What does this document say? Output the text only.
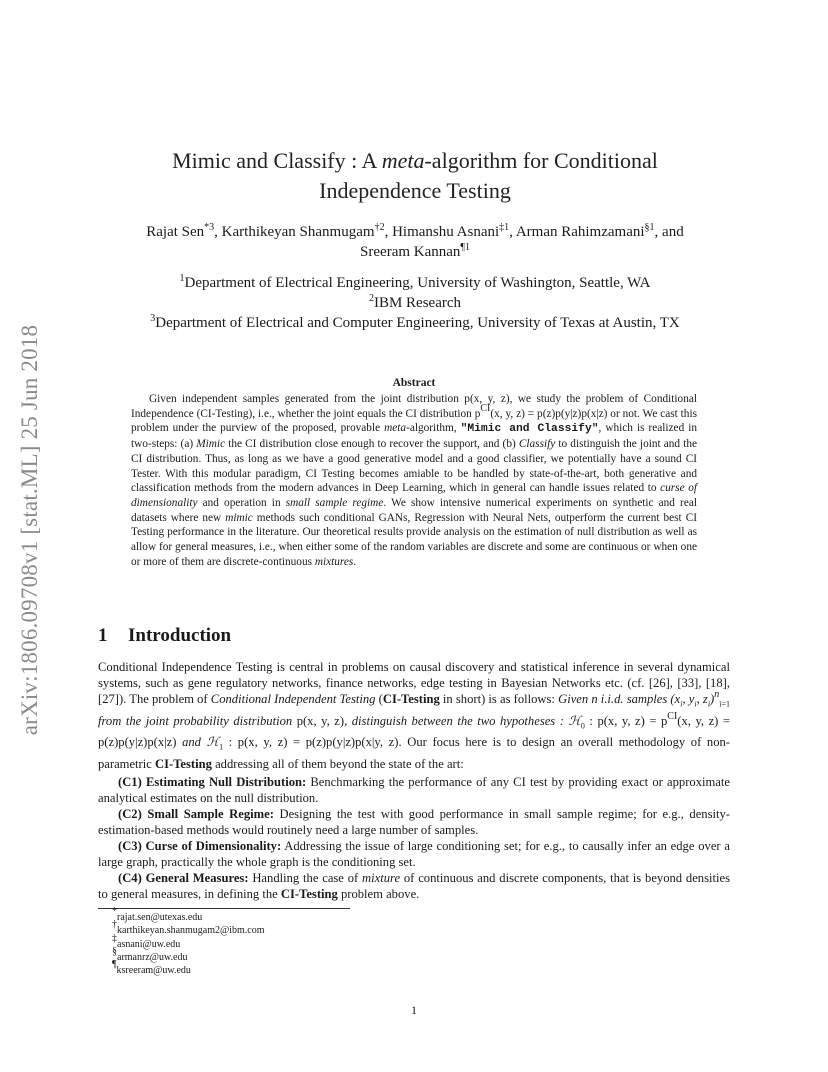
arXiv:1806.09708v1 [stat.ML] 25 Jun 2018
Mimic and Classify : A meta-algorithm for Conditional
Independence Testing
Rajat Sen$^{*3}$, Karthikeyan Shanmugam$^{\dagger 2}$, Himanshu Asnani$^{\ddagger 1}$, Arman Rahimzamani$^{\S 1}$, and
Sreeram Kannan$^{\P 1}$
$^1$Department of Electrical Engineering, University of Washington, Seattle, WA
$^2$IBM Research
$^3$Department of Electrical and Computer Engineering, University of Texas at Austin, TX
Abstract
Given independent samples generated from the joint distribution p(x, y, z), we study the problem of Conditional Independence (CI-Testing), i.e., whether the joint equals the CI distribution $p^{CI}(x$, y, z) = p(z)p(y|z)p(x|z) or not. We cast this problem under the purview of the proposed, provable meta-algorithm, "Mimic and Classify", which is realized in two-steps: (a) Mimic the CI distribution close enough to recover the support, and (b) Classify to distinguish the joint and the CI distribution. Thus, as long as we have a good generative model and a good classifier, we potentially have a sound CI Tester. With this modular paradigm, CI Testing becomes amiable to be handled by state-of-the-art, both generative and classification methods from the modern advances in Deep Learning, which in general can handle issues related to curse of dimensionality and operation in small sample regime. We show intensive numerical experiments on synthetic and real datasets where new mimic methods such conditional GANs, Regression with Neural Nets, outperform the current best CI Testing performance in the literature. Our theoretical results provide analysis on the estimation of null distribution as well as allow for general measures, i.e., when either some of the random variables are discrete and some are continuous or when one or more of them are discrete-continuous mixtures.
1 Introduction
Conditional Independence Testing is central in problems on causal discovery and statistical inference in several dynamical systems, such as gene regulatory networks, finance networks, edge testing in Bayesian Networks etc. (cf. [26], [33], [18], [27]). The problem of Conditional Independent Testing (CI-Testing in short) is as follows: Given n i.i.d. samples ($x_i$, $y_i$, $z_i)^n_{i=1}$ from the joint probability distribution p(x, y, z), distinguish between the two hypotheses : ℋ$_0$ : p(x, y, $z) = p^{CI}(x$, y, z) = p(z)p(y|z)p(x|z) and ℋ$_1$ : p(x, y, z) = p(z)p(y|z)p(x|y, z). Our focus here is to design an overall methodology of non-parametric CI-Testing addressing all of them beyond the state of the art:
(C1) Estimating Null Distribution: Benchmarking the performance of any CI test by providing exact or approximate analytical estimates on the null distribution.
(C2) Small Sample Regime: Designing the test with good performance in small sample regime; for e.g., density-estimation-based methods would routinely need a large number of samples.
(C3) Curse of Dimensionality: Addressing the issue of large conditioning set; for e.g., to causally infer an edge over a large graph, practically the whole graph is the conditioning set.
(C4) General Measures: Handling the case of mixture of continuous and discrete components, that is beyond densities to general measures, in defining the CI-Testing problem above.
*rajat.sen@utexas.edu
†karthikeyan.shanmugam2@ibm.com
‡asnani@uw.edu
§armanrz@uw.edu
¶ksreeram@uw.edu
1
